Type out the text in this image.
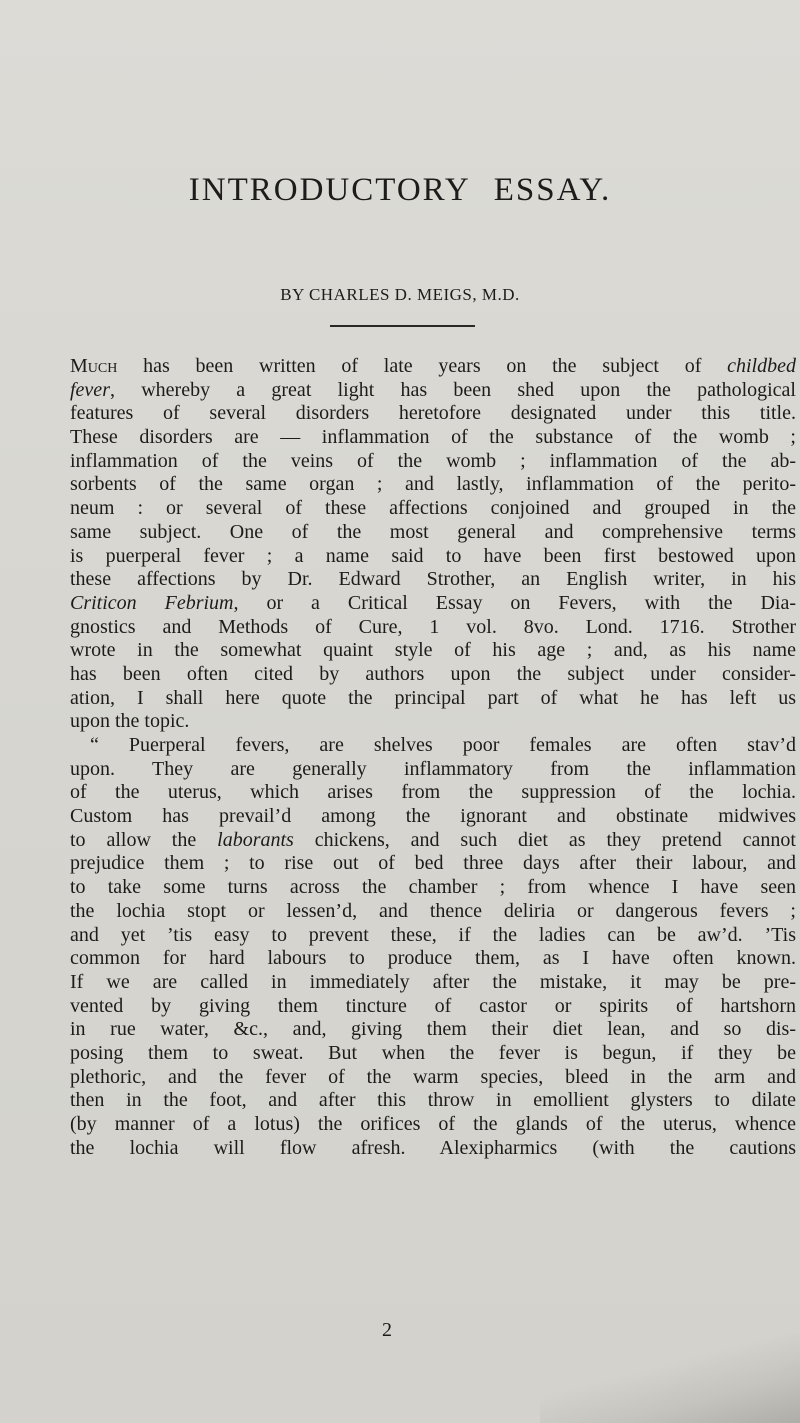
INTRODUCTORY ESSAY.
BY CHARLES D. MEIGS, M.D.
Much has been written of late years on the subject of childbed
fever, whereby a great light has been shed upon the pathological
features of several disorders heretofore designated under this title.
These disorders are — inflammation of the substance of the womb ;
inflammation of the veins of the womb ; inflammation of the ab-
sorbents of the same organ ; and lastly, inflammation of the perito-
neum : or several of these affections conjoined and grouped in the
same subject. One of the most general and comprehensive terms
is puerperal fever ; a name said to have been first bestowed upon
these affections by Dr. Edward Strother, an English writer, in his
Criticon Febrium, or a Critical Essay on Fevers, with the Dia-
gnostics and Methods of Cure, 1 vol. 8vo. Lond. 1716. Strother
wrote in the somewhat quaint style of his age ; and, as his name
has been often cited by authors upon the subject under consider-
ation, I shall here quote the principal part of what he has left us
upon the topic.
“ Puerperal fevers, are shelves poor females are often stav’d
upon. They are generally inflammatory from the inflammation
of the uterus, which arises from the suppression of the lochia.
Custom has prevail’d among the ignorant and obstinate midwives
to allow the laborants chickens, and such diet as they pretend cannot
prejudice them ; to rise out of bed three days after their labour, and
to take some turns across the chamber ; from whence I have seen
the lochia stopt or lessen’d, and thence deliria or dangerous fevers ;
and yet ’tis easy to prevent these, if the ladies can be aw’d. ’Tis
common for hard labours to produce them, as I have often known.
If we are called in immediately after the mistake, it may be pre-
vented by giving them tincture of castor or spirits of hartshorn
in rue water, &c., and, giving them their diet lean, and so dis-
posing them to sweat. But when the fever is begun, if they be
plethoric, and the fever of the warm species, bleed in the arm and
then in the foot, and after this throw in emollient glysters to dilate
(by manner of a lotus) the orifices of the glands of the uterus, whence
the lochia will flow afresh. Alexipharmics (with the cautions
2
